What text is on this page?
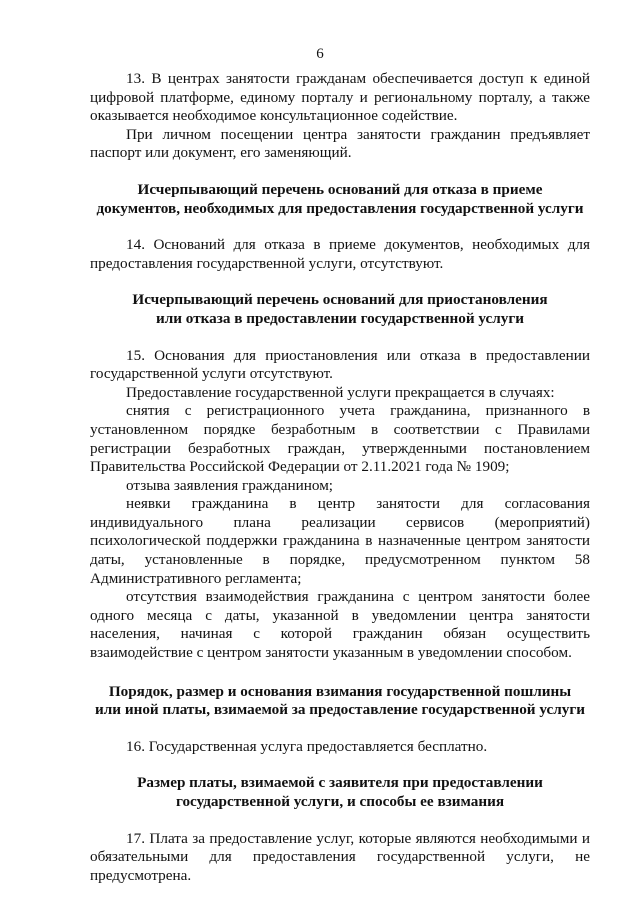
6

13. В центрах занятости гражданам обеспечивается доступ к единой цифровой платформе, единому порталу и региональному порталу, а также оказывается необходимое консультационное содействие.

При личном посещении центра занятости гражданин предъявляет паспорт или документ, его заменяющий.

Исчерпывающий перечень оснований для отказа в приеме
документов, необходимых для предоставления государственной услуги

14. Оснований для отказа в приеме документов, необходимых для предоставления государственной услуги, отсутствуют.

Исчерпывающий перечень оснований для приостановления
или отказа в предоставлении государственной услуги

15. Основания для приостановления или отказа в предоставлении государственной услуги отсутствуют.

Предоставление государственной услуги прекращается в случаях:

снятия с регистрационного учета гражданина, признанного в установленном порядке безработным в соответствии с Правилами регистрации безработных граждан, утвержденными постановлением Правительства Российской Федерации от 2.11.2021 года № 1909;

отзыва заявления гражданином;

неявки гражданина в центр занятости для согласования индивидуального плана реализации сервисов (мероприятий) психологической поддержки гражданина в назначенные центром занятости даты, установленные в порядке, предусмотренном пунктом 58 Административного регламента;

отсутствия взаимодействия гражданина с центром занятости более одного месяца с даты, указанной в уведомлении центра занятости населения, начиная с которой гражданин обязан осуществить взаимодействие с центром занятости указанным в уведомлении способом.

Порядок, размер и основания взимания государственной пошлины
или иной платы, взимаемой за предоставление государственной услуги

16. Государственная услуга предоставляется бесплатно.

Размер платы, взимаемой с заявителя при предоставлении
государственной услуги, и способы ее взимания

17. Плата за предоставление услуг, которые являются необходимыми и обязательными для предоставления государственной услуги, не предусмотрена.
